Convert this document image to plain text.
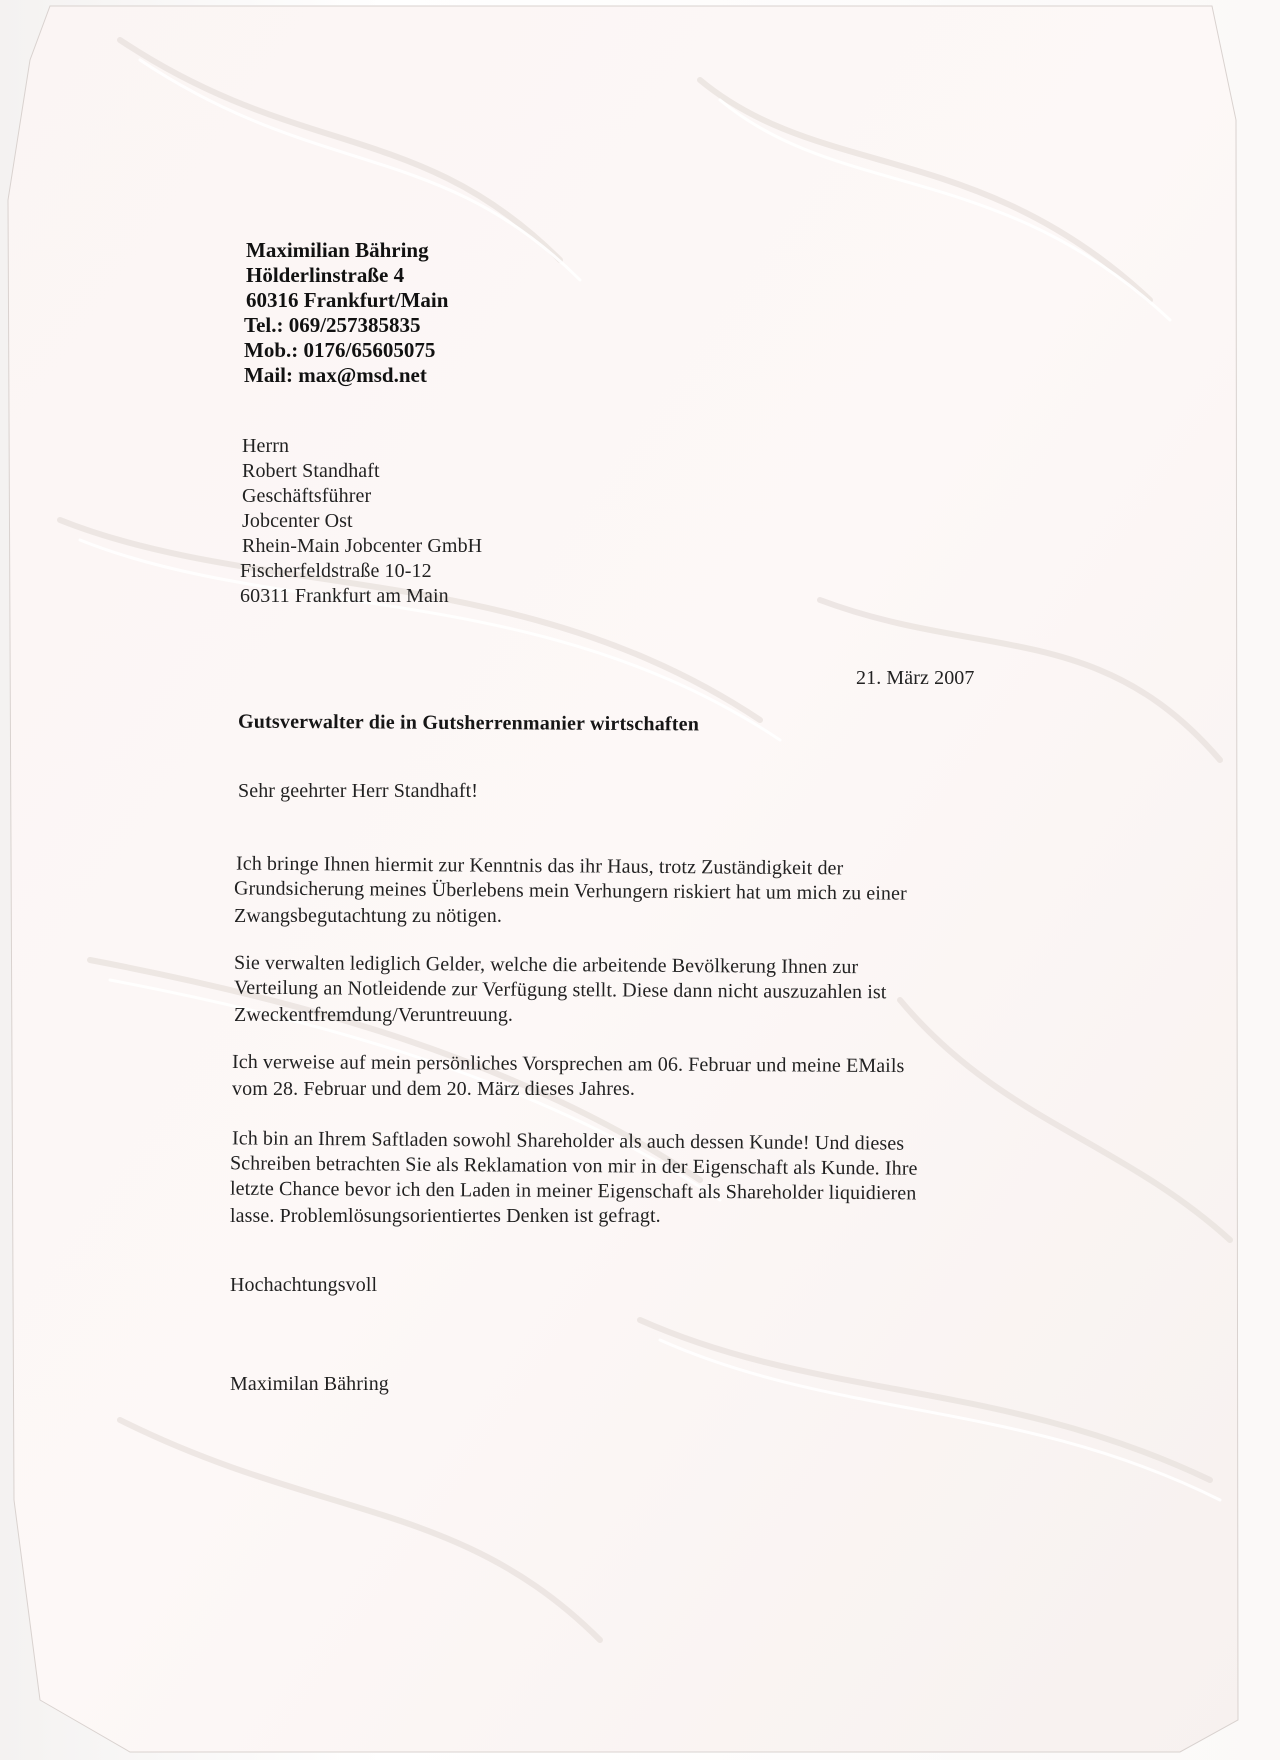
Maximilian Bähring
Hölderlinstraße 4
60316 Frankfurt/Main
Tel.: 069/257385835
Mob.: 0176/65605075
Mail: max@msd.net
Herrn
Robert Standhaft
Geschäftsführer
Jobcenter Ost
Rhein-Main Jobcenter GmbH
Fischerfeldstraße 10-12
60311 Frankfurt am Main
21. März 2007
Gutsverwalter die in Gutsherrenmanier wirtschaften
Sehr geehrter Herr Standhaft!
Ich bringe Ihnen hiermit zur Kenntnis das ihr Haus, trotz Zuständigkeit der
Grundsicherung meines Überlebens mein Verhungern riskiert hat um mich zu einer
Zwangsbegutachtung zu nötigen.
Sie verwalten lediglich Gelder, welche die arbeitende Bevölkerung Ihnen zur
Verteilung an Notleidende zur Verfügung stellt. Diese dann nicht auszuzahlen ist
Zweckentfremdung/Veruntreuung.
Ich verweise auf mein persönliches Vorsprechen am 06. Februar und meine EMails
vom 28. Februar und dem 20. März dieses Jahres.
Ich bin an Ihrem Saftladen sowohl Shareholder als auch dessen Kunde! Und dieses
Schreiben betrachten Sie als Reklamation von mir in der Eigenschaft als Kunde. Ihre
letzte Chance bevor ich den Laden in meiner Eigenschaft als Shareholder liquidieren
lasse. Problemlösungsorientiertes Denken ist gefragt.
Hochachtungsvoll
Maximilan Bähring
